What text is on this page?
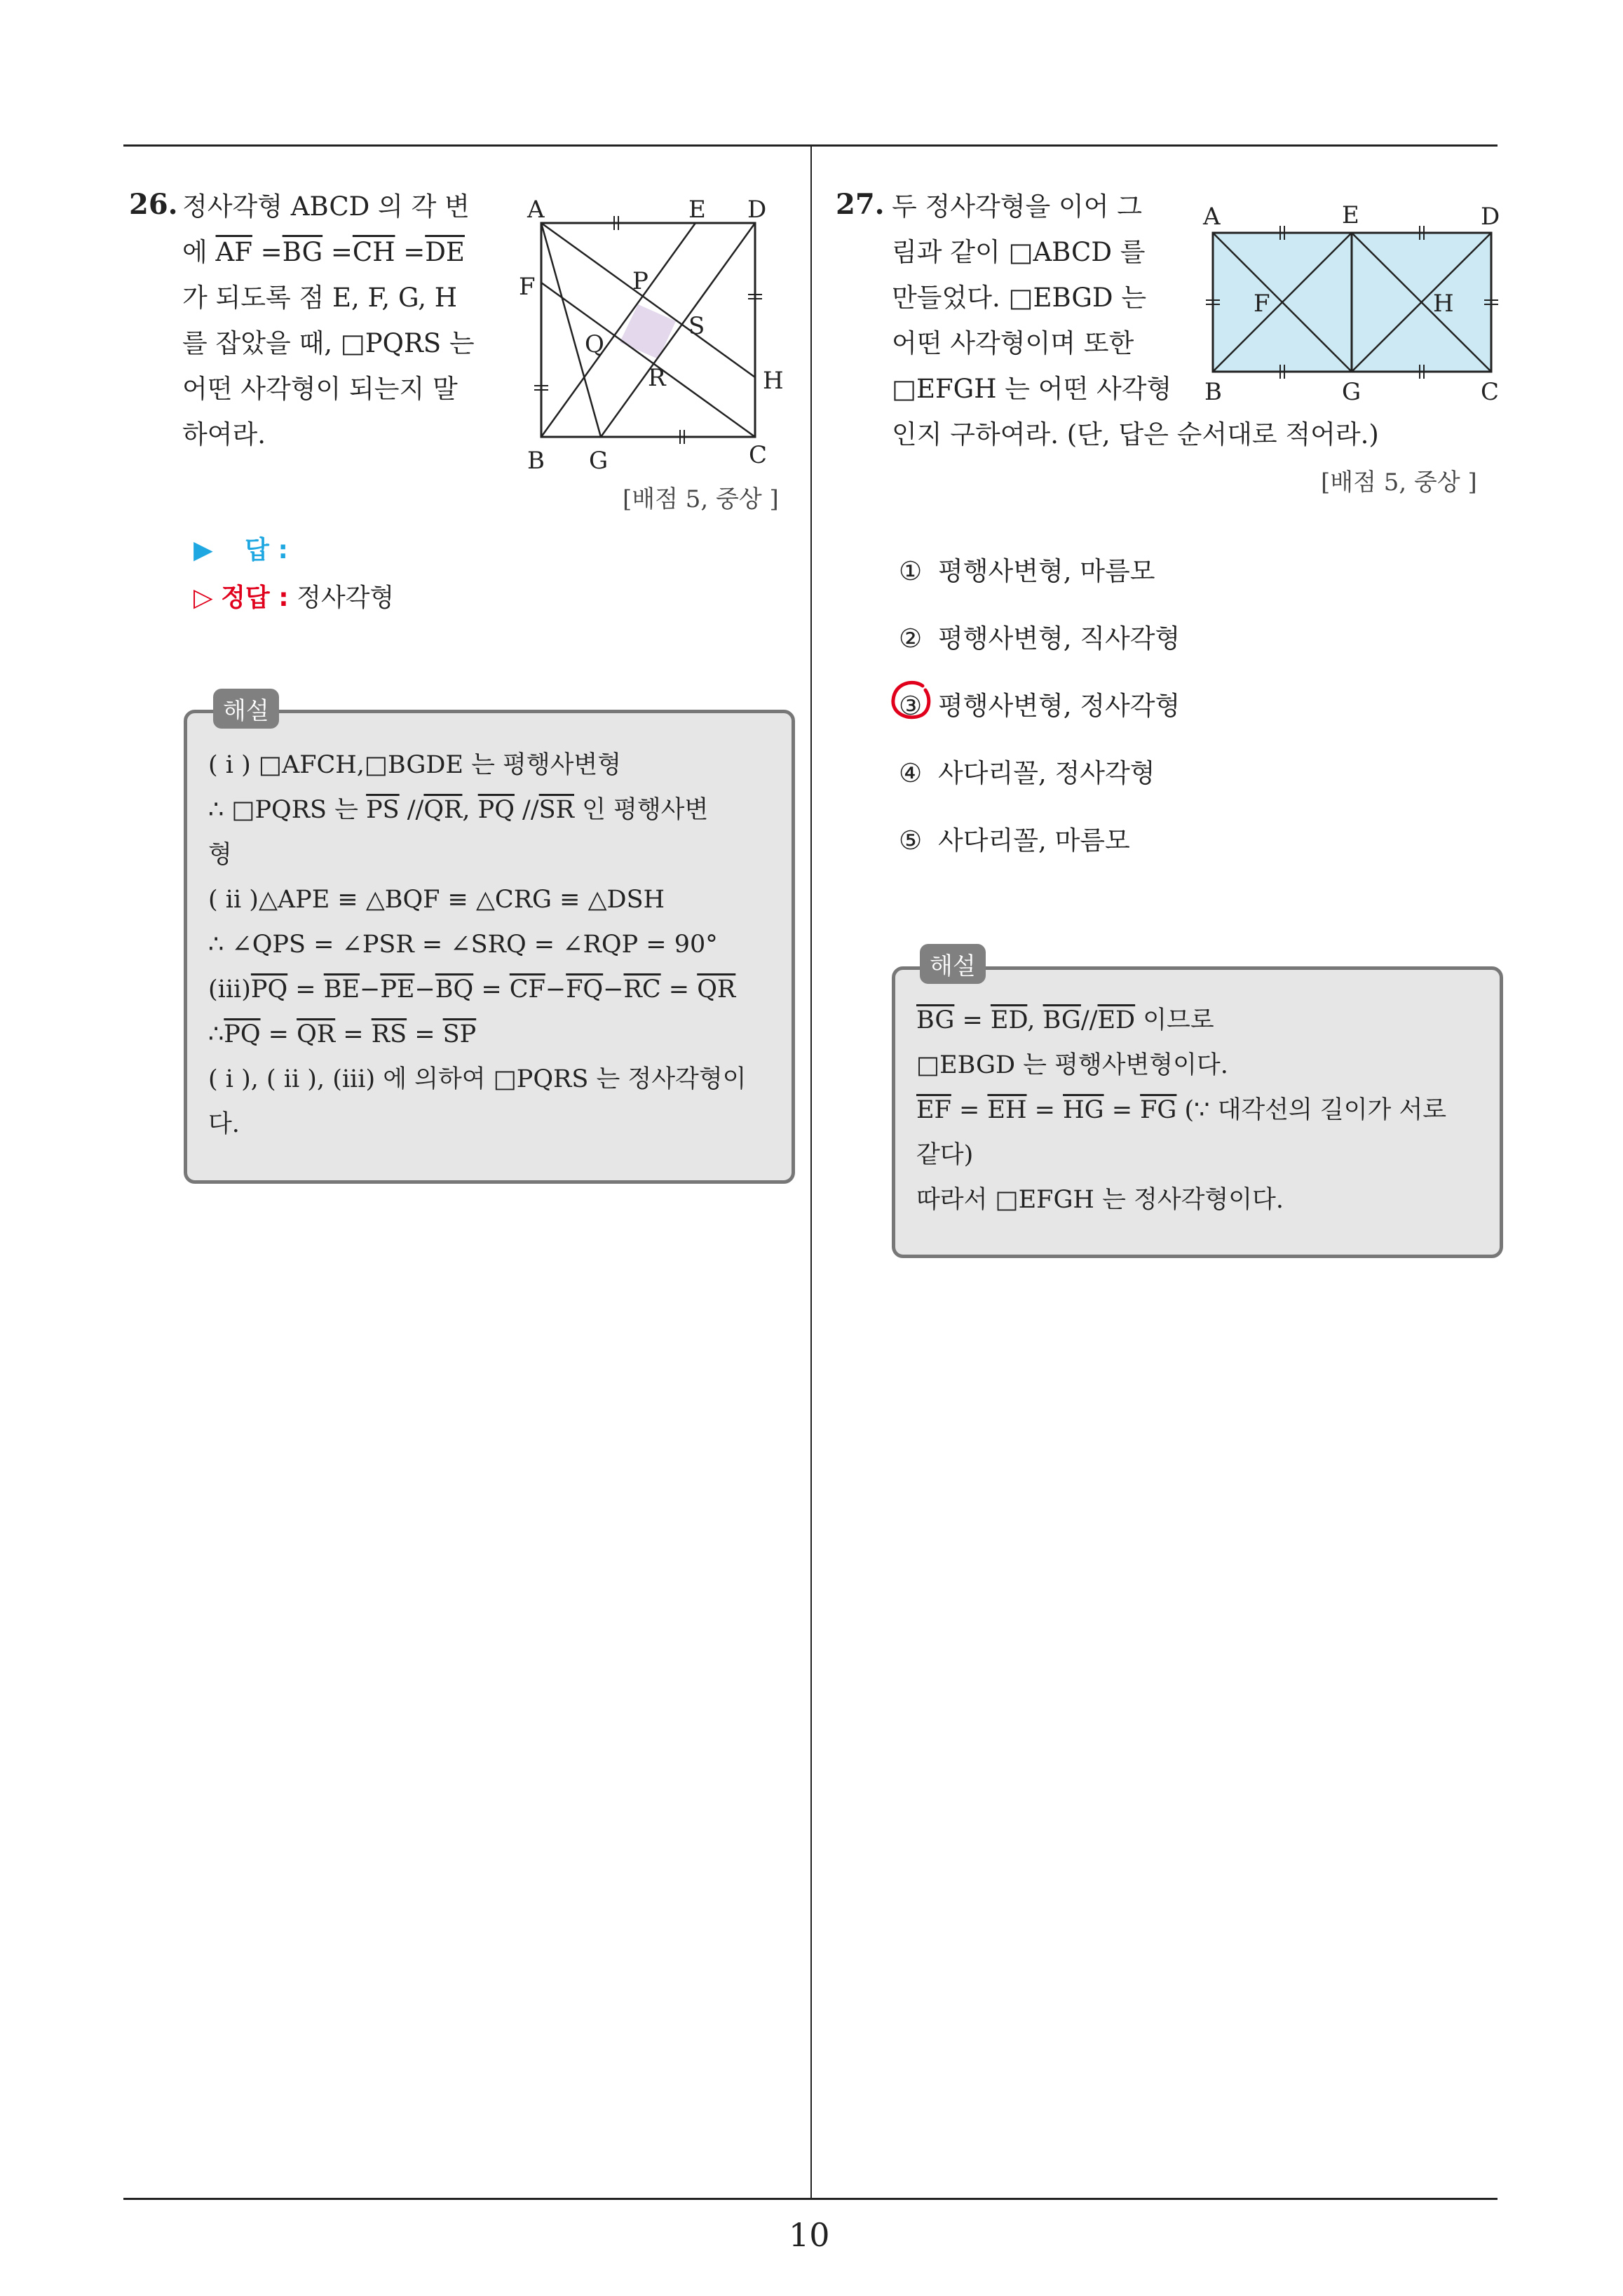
10
26. 정사각형 ABCD 의 각 변
에 $\overline{AF} =\overline{BG} =\overline{CH} =\overline{DE}$
가 되도록 점 E, F, G, H
를 잡았을 때, □PQRS 는
어떤 사각형이 되는지 말
하여라.
A	E D
F	P
S
Q
R	H
B G	C
[배점 5, 중상 ]
▶ 답 :
▷ 정답 : 정사각형
( i ) □AFCH,□BGDE 는 평행사변형
∴ □PQRS 는 $\overline{PS}$ $//\overline{QR}$, $\overline{PQ}$ $//\overline{SR}$ 인 평행사변
형
( ii )△APE ≡ △BQF ≡ △CRG ≡ △DSH
∴ ∠QPS = ∠PSR = ∠SRQ = ∠RQP = 90°
$(iii)\overline{PQ} = \overline{BE}-\overline{PE}-\overline{BQ} = \overline{CF}-\overline{FQ}-\overline{RC} = \overline{QR}$
$\therefore\overline{PQ} = \overline{QR} = \overline{RS} = \overline{SP}$
( i ), ( ii ), (iii) 에 의하여 □PQRS 는 정사각형이
다.
해설
27. 두 정사각형을 이어 그
림과 같이 □ABCD 를
만들었다. □EBGD 는
어떤 사각형이며 또한
□EFGH 는 어떤 사각형
인지 구하여라. (단, 답은 순서대로 적어라.)
A	E	D
F	H
B	G	C
[배점 5, 중상 ]
① 평행사변형, 마름모
② 평행사변형, 직사각형
③ 평행사변형, 정사각형
④ 사다리꼴, 정사각형
⑤ 사다리꼴, 마름모
$\overline{BG} = \overline{ED}$, $\overline{BG}//\overline{ED}$ 이므로
□EBGD 는 평행사변형이다.
$\overline{EF} = \overline{EH} = \overline{HG} = \overline{FG}$ (∵ 대각선의 길이가 서로
같다)
따라서 □EFGH 는 정사각형이다.
해설
